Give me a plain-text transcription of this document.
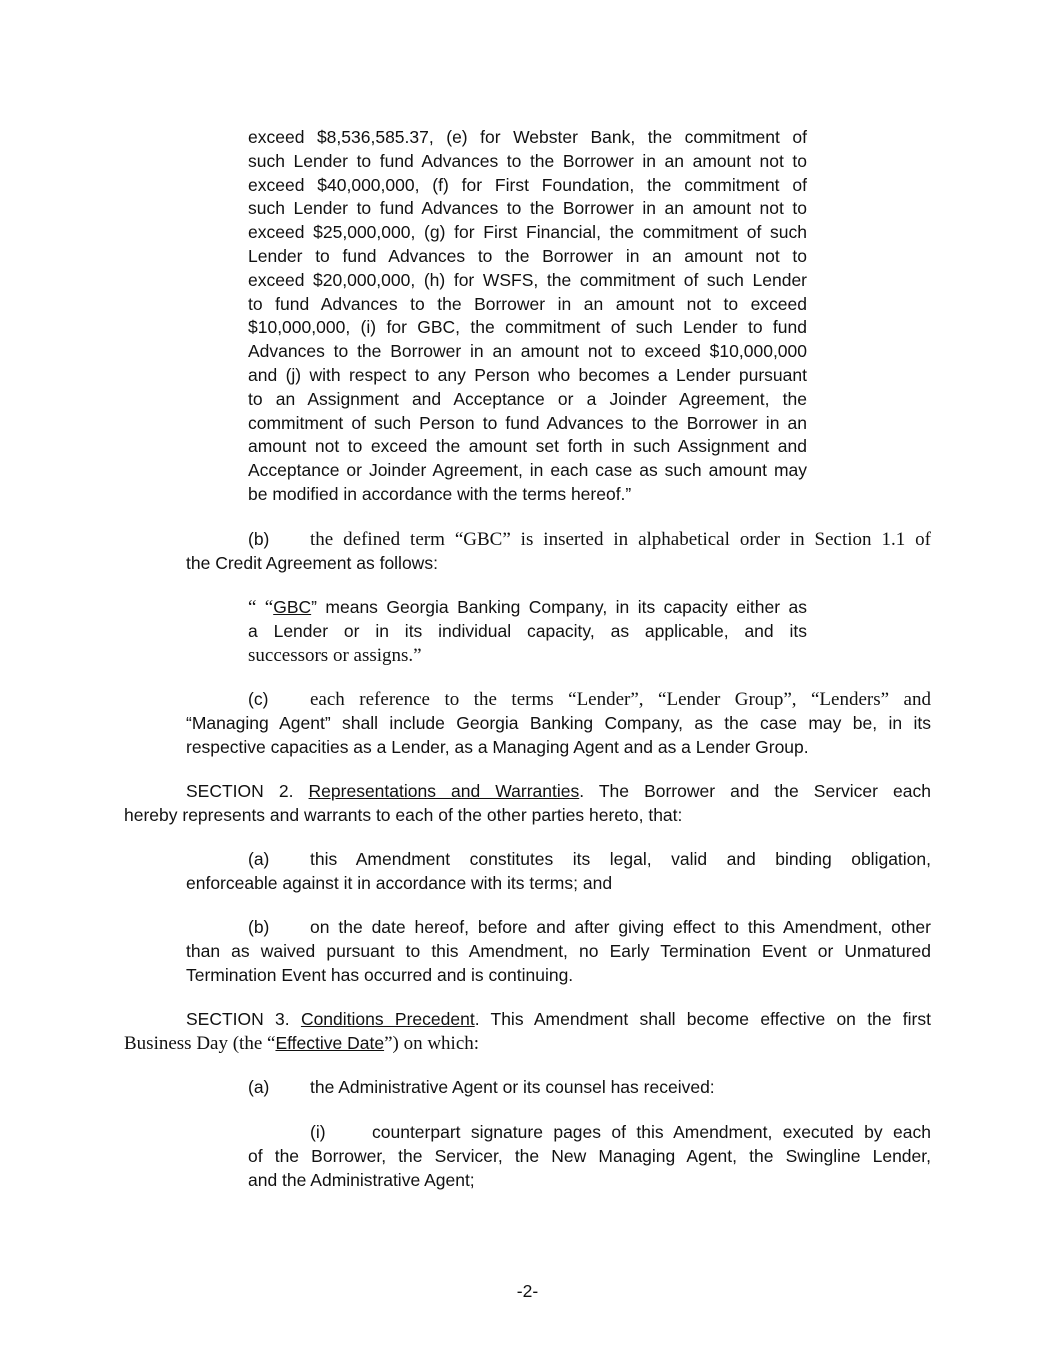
exceed $8,536,585.37, (e) for Webster Bank, the commitment of
such Lender to fund Advances to the Borrower in an amount not to
exceed $40,000,000, (f) for First Foundation, the commitment of
such Lender to fund Advances to the Borrower in an amount not to
exceed $25,000,000, (g) for First Financial, the commitment of such
Lender to fund Advances to the Borrower in an amount not to
exceed $20,000,000, (h) for WSFS, the commitment of such Lender
to fund Advances to the Borrower in an amount not to exceed
$10,000,000, (i) for GBC, the commitment of such Lender to fund
Advances to the Borrower in an amount not to exceed $10,000,000
and (j) with respect to any Person who becomes a Lender pursuant
to an Assignment and Acceptance or a Joinder Agreement, the
commitment of such Person to fund Advances to the Borrower in an
amount not to exceed the amount set forth in such Assignment and
Acceptance or Joinder Agreement, in each case as such amount may
be modified in accordance with the terms hereof.”
(b) the defined term “GBC” is inserted in alphabetical order in Section 1.1 of
the Credit Agreement as follows:
“ “GBC” means Georgia Banking Company, in its capacity either as
a Lender or in its individual capacity, as applicable, and its
successors or assigns.”
(c) each reference to the terms “Lender”, “Lender Group”, “Lenders” and
“Managing Agent” shall include Georgia Banking Company, as the case may be, in its
respective capacities as a Lender, as a Managing Agent and as a Lender Group.
SECTION 2. Representations and Warranties. The Borrower and the Servicer each
hereby represents and warrants to each of the other parties hereto, that:
(a) this Amendment constitutes its legal, valid and binding obligation,
enforceable against it in accordance with its terms; and
(b) on the date hereof, before and after giving effect to this Amendment, other
than as waived pursuant to this Amendment, no Early Termination Event or Unmatured
Termination Event has occurred and is continuing.
SECTION 3. Conditions Precedent. This Amendment shall become effective on the first
Business Day (the “Effective Date”) on which:
(a) the Administrative Agent or its counsel has received:
(i)	counterpart signature pages of this Amendment, executed by each
of the Borrower, the Servicer, the New Managing Agent, the Swingline Lender,
and the Administrative Agent;
-2-
